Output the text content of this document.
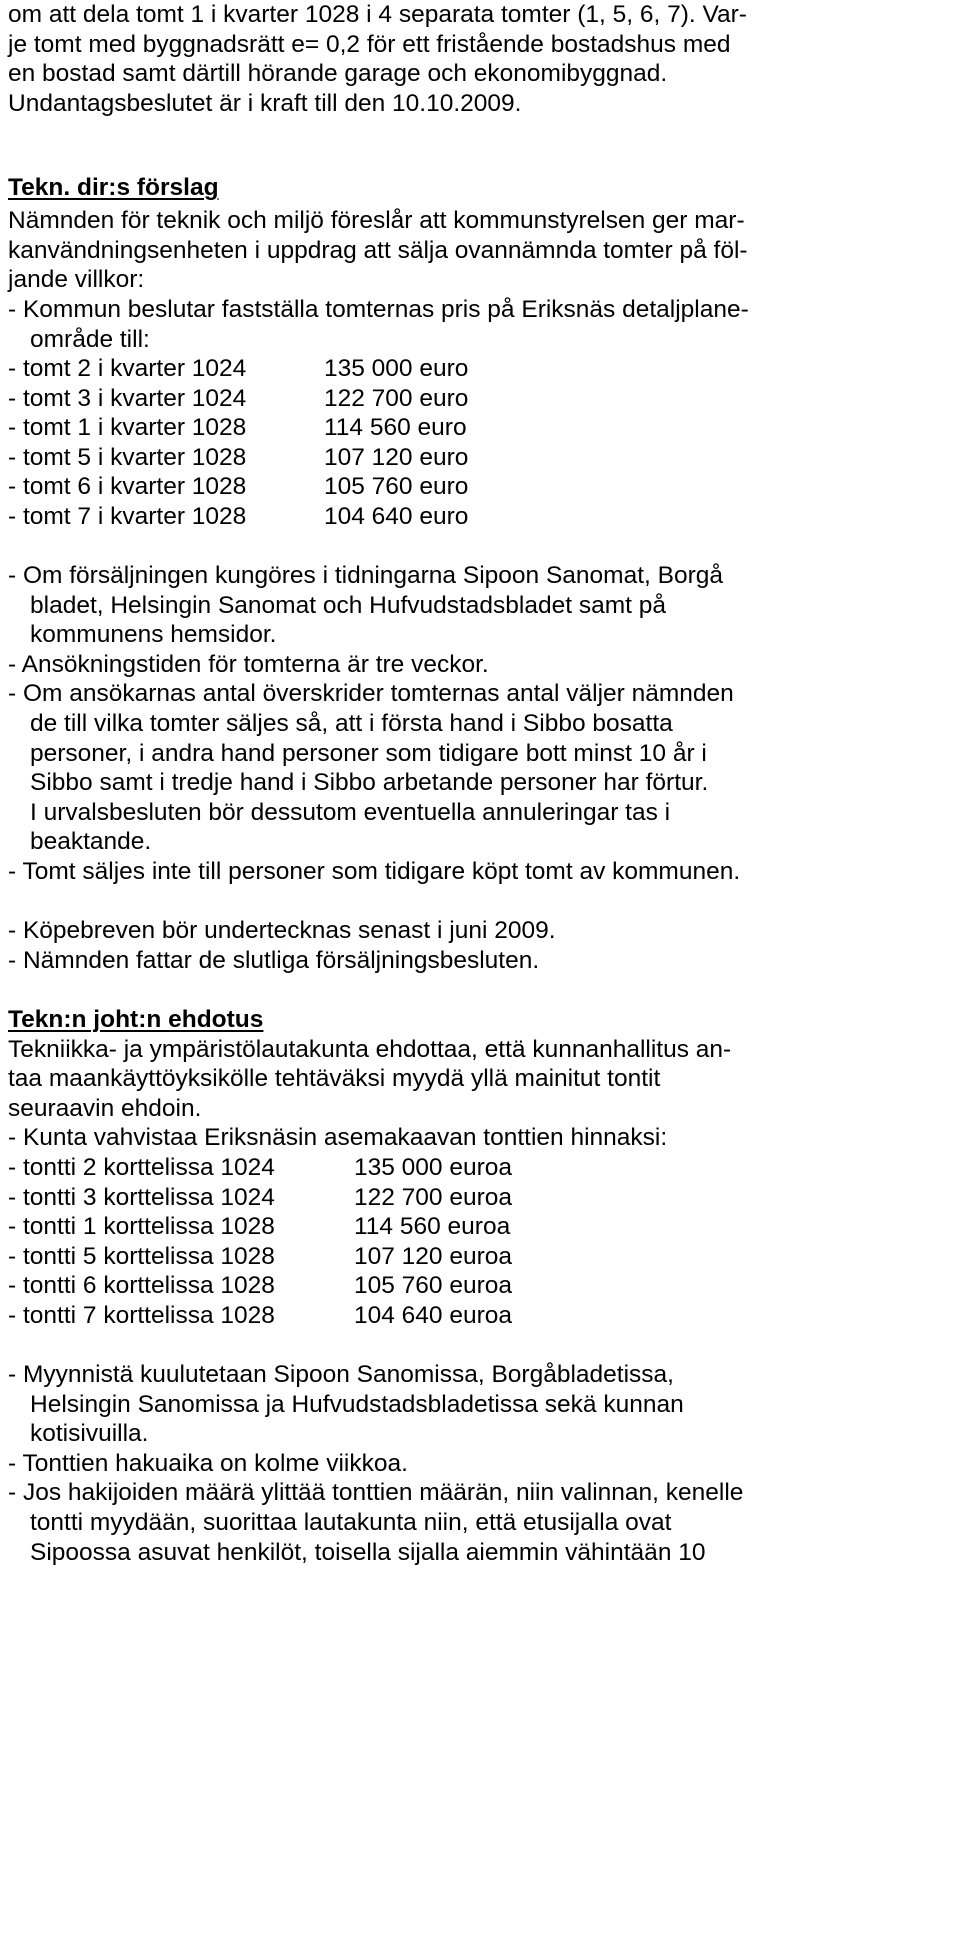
om att dela tomt 1 i kvarter 1028 i 4 separata tomter (1, 5, 6, 7). Var-
je tomt med byggnadsrätt e= 0,2 för ett fristående bostadshus med
en bostad samt därtill hörande garage och ekonomibyggnad.
Undantagsbeslutet är i kraft till den 10.10.2009.
Tekn. dir:s förslag
Nämnden för teknik och miljö föreslår att kommunstyrelsen ger mar-
kanvändningsenheten i uppdrag att sälja ovannämnda tomter på föl-
jande villkor:
- Kommun beslutar fastställa tomternas pris på Eriksnäs detaljplane-
område till:
- tomt 2 i kvarter 1024	135 000 euro
- tomt 3 i kvarter 1024	122 700 euro
- tomt 1 i kvarter 1028	114 560 euro
- tomt 5 i kvarter 1028	107 120 euro
- tomt 6 i kvarter 1028	105 760 euro
- tomt 7 i kvarter 1028	104 640 euro
- Om försäljningen kungöres i tidningarna Sipoon Sanomat, Borgå
bladet, Helsingin Sanomat och Hufvudstadsbladet samt på
kommunens hemsidor.
- Ansökningstiden för tomterna är tre veckor.
- Om ansökarnas antal överskrider tomternas antal väljer nämnden
de till vilka tomter säljes så, att i första hand i Sibbo bosatta
personer, i andra hand personer som tidigare bott minst 10 år i
Sibbo samt i tredje hand i Sibbo arbetande personer har förtur.
I urvalsbesluten bör dessutom eventuella annuleringar tas i
beaktande.
- Tomt säljes inte till personer som tidigare köpt tomt av kommunen.
- Köpebreven bör undertecknas senast i juni 2009.
- Nämnden fattar de slutliga försäljningsbesluten.
Tekn:n joht:n ehdotus
Tekniikka- ja ympäristölautakunta ehdottaa, että kunnanhallitus an-
taa maankäyttöyksikölle tehtäväksi myydä yllä mainitut tontit
seuraavin ehdoin.
- Kunta vahvistaa Eriksnäsin asemakaavan tonttien hinnaksi:
- tontti 2 korttelissa 1024	135 000 euroa
- tontti 3 korttelissa 1024	122 700 euroa
- tontti 1 korttelissa 1028	114 560 euroa
- tontti 5 korttelissa 1028	107 120 euroa
- tontti 6 korttelissa 1028	105 760 euroa
- tontti 7 korttelissa 1028	104 640 euroa
- Myynnistä kuulutetaan Sipoon Sanomissa, Borgåbladetissa,
Helsingin Sanomissa ja Hufvudstadsbladetissa sekä kunnan
kotisivuilla.
- Tonttien hakuaika on kolme viikkoa.
- Jos hakijoiden määrä ylittää tonttien määrän, niin valinnan, kenelle
tontti myydään, suorittaa lautakunta niin, että etusijalla ovat
Sipoossa asuvat henkilöt, toisella sijalla aiemmin vähintään 10
